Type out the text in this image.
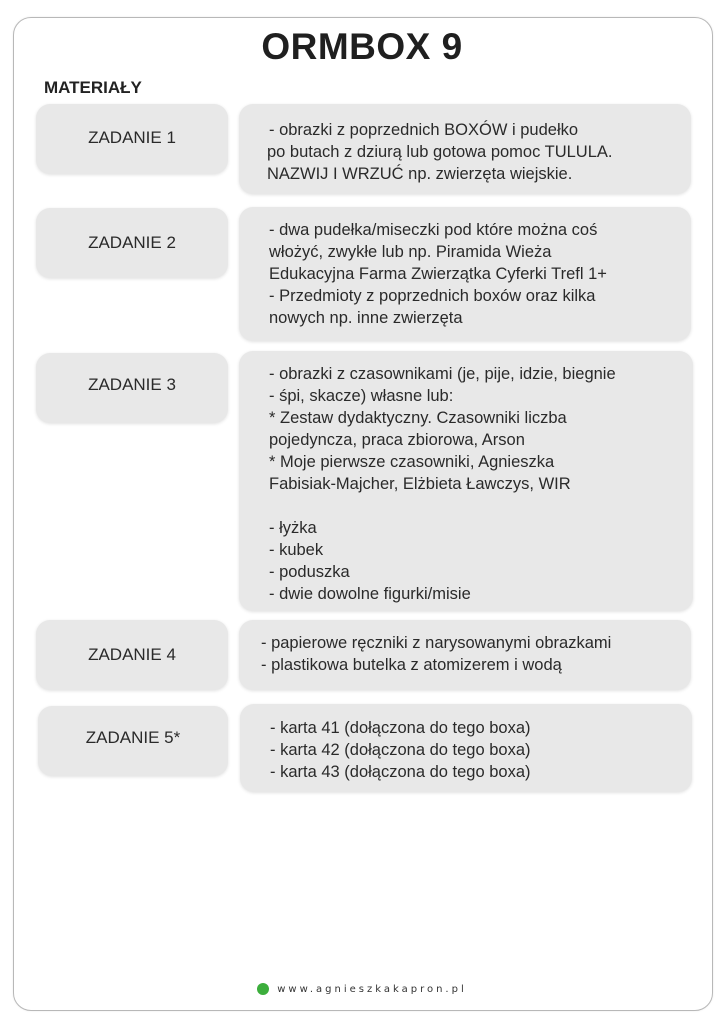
ORMBOX 9
MATERIAŁY
ZADANIE 1	- obrazki z poprzednich BOXÓW i pudełko
po butach z dziurą lub gotowa pomoc TULULA.
NAZWIJ I WRZUĆ np. zwierzęta wiejskie.
ZADANIE 2
- dwa pudełka/miseczki pod które można coś
włożyć, zwykłe lub np. Piramida Wieża
Edukacyjna Farma Zwierzątka Cyferki Trefl 1+
- Przedmioty z poprzednich boxów oraz kilka
nowych np. inne zwierzęta
ZADANIE 3
- obrazki z czasownikami (je, pije, idzie, biegnie
- śpi, skacze) własne lub:
* Zestaw dydaktyczny. Czasowniki liczba
pojedyncza, praca zbiorowa, Arson
* Moje pierwsze czasowniki, Agnieszka
Fabisiak-Majcher, Elżbieta Ławczys, WIR
- łyżka
- kubek
- poduszka
- dwie dowolne figurki/misie
ZADANIE 4
- papierowe ręczniki z narysowanymi obrazkami
- plastikowa butelka z atomizerem i wodą
ZADANIE 5*	- karta 41 (dołączona do tego boxa)
- karta 42 (dołączona do tego boxa)
- karta 43 (dołączona do tego boxa)
www.agnieszkakapron.pl
